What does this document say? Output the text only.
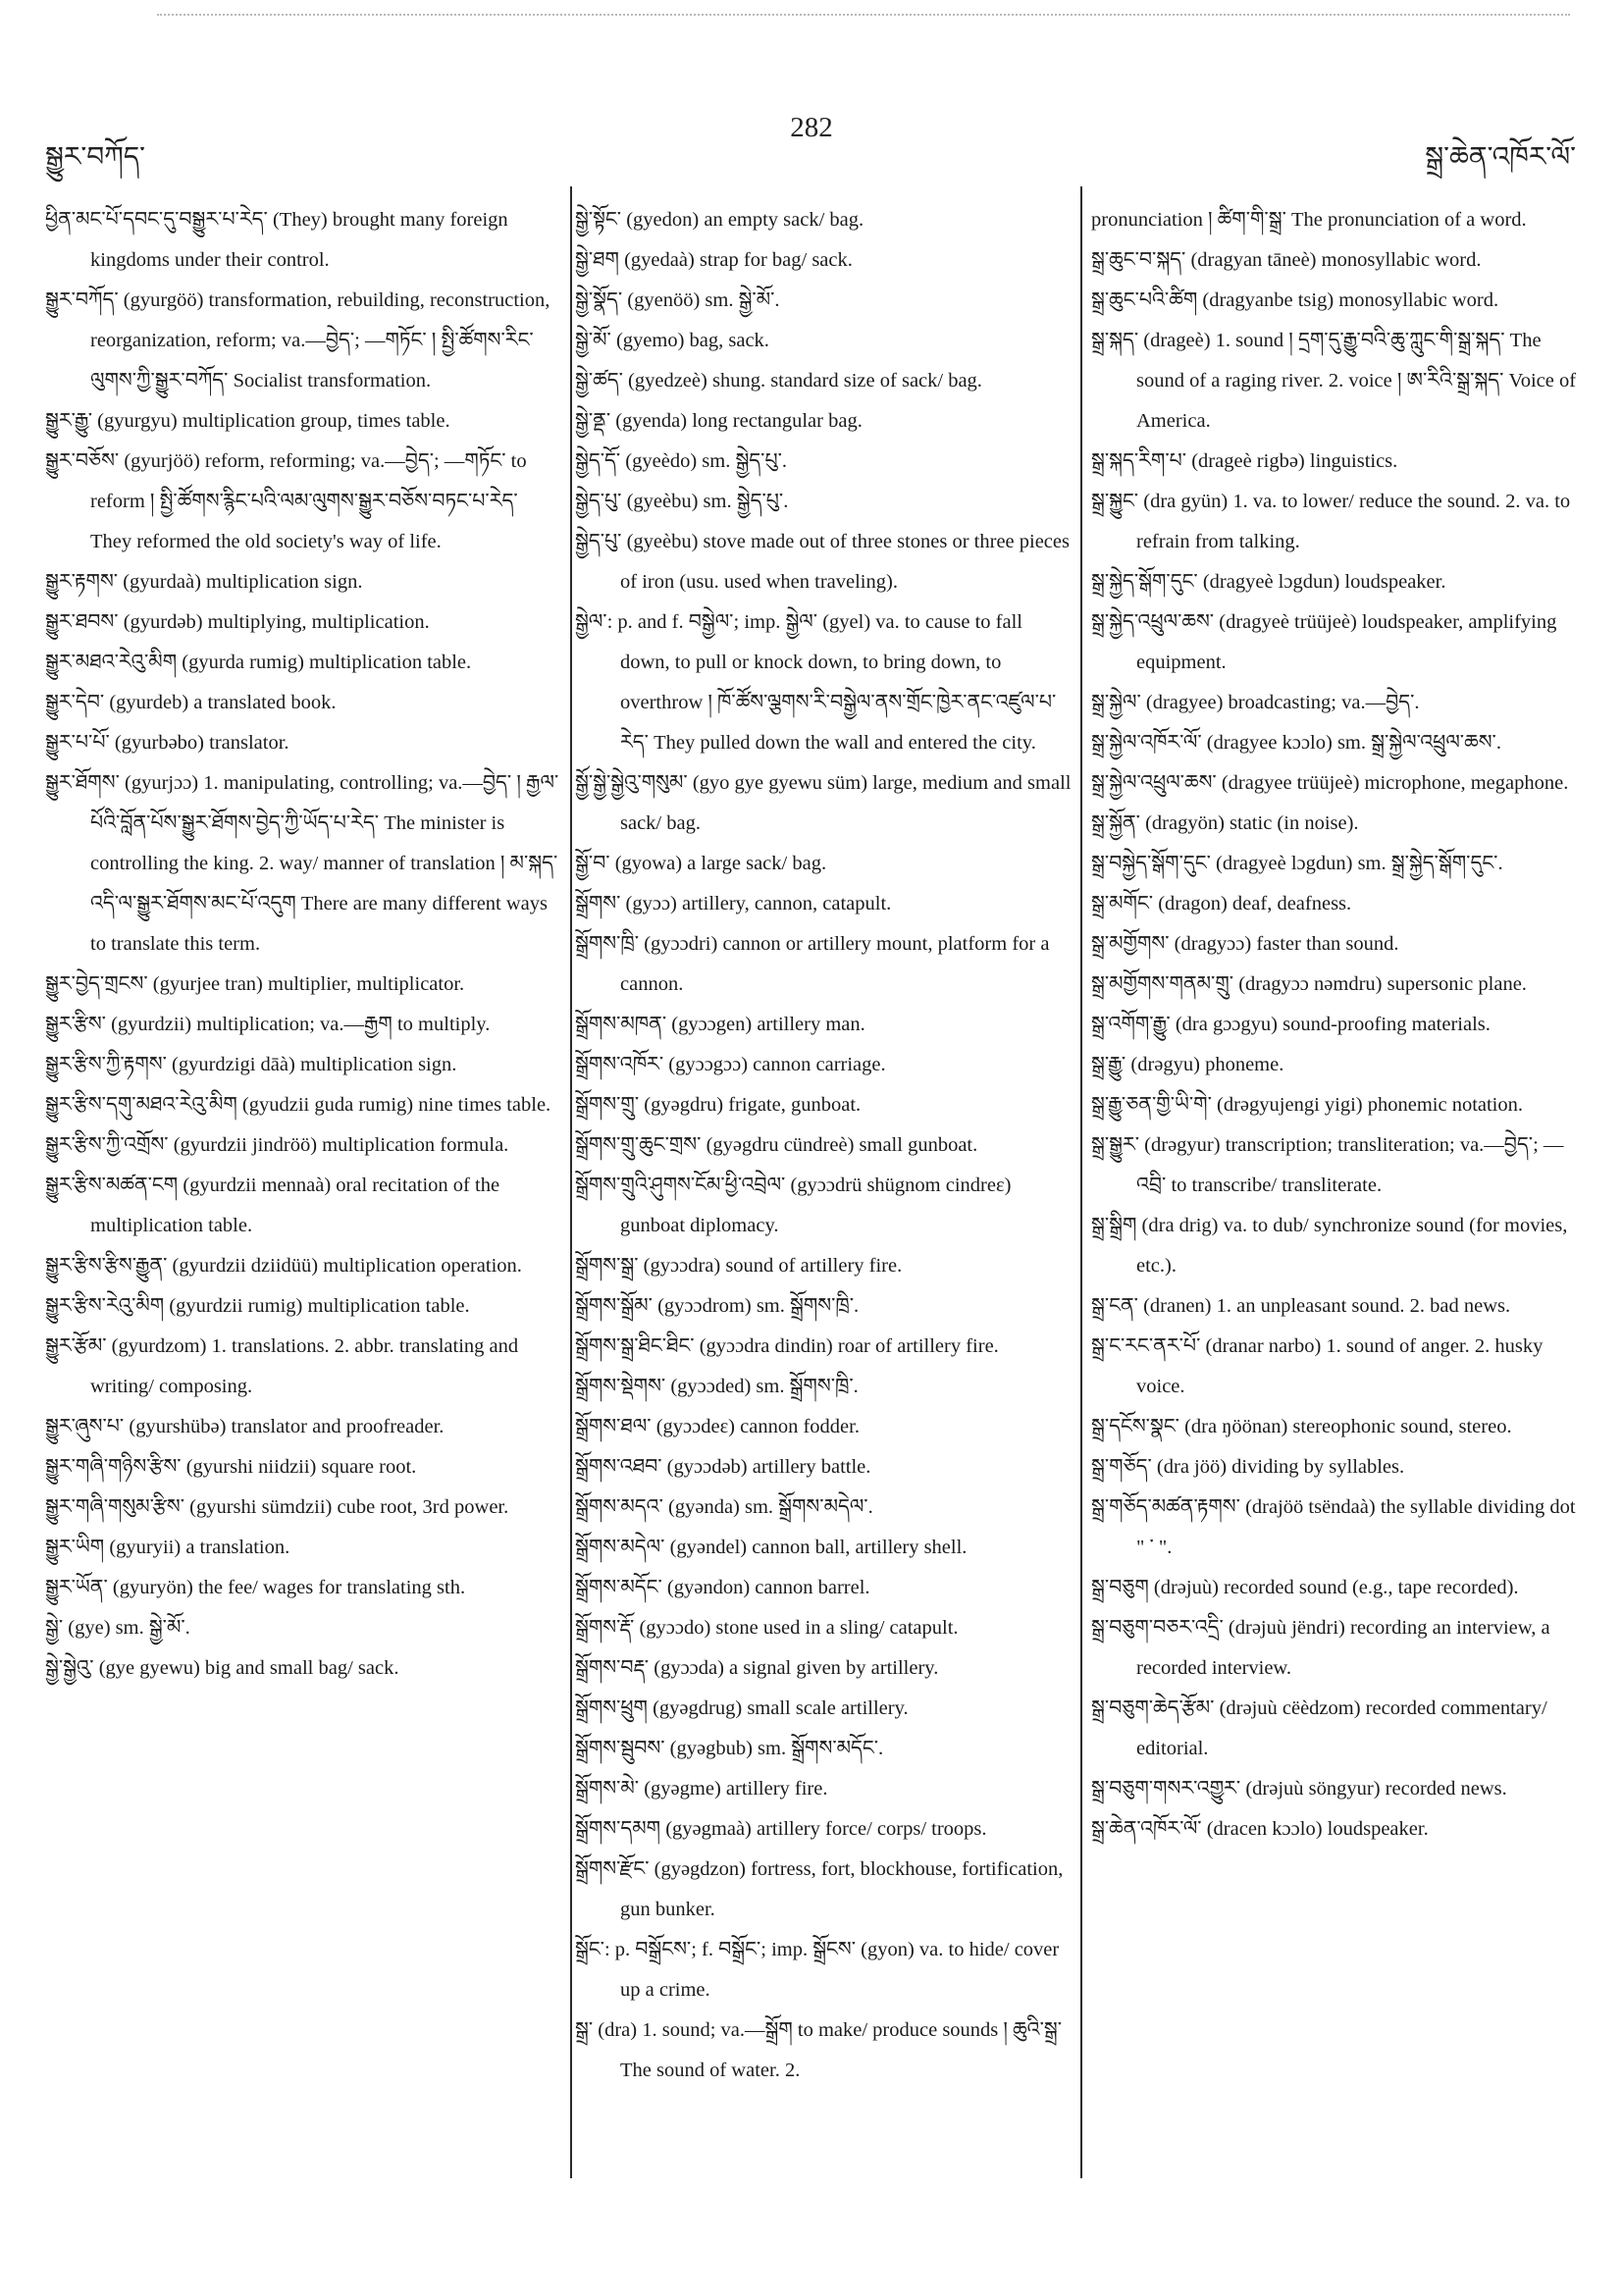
སྒྱུར་བཀོད་
282
སྒྲ་ཆེན་འཁོར་ལོ་

ཕྱིན་མང་པོ་དབང་དུ་བསྒྱུར་པ་རེད་ (They) brought many foreign kingdoms under their control.

སྒྱུར་བཀོད་ (gyurgöö) transformation, rebuilding, reconstruction, reorganization, reform; va.—བྱེད་; —གཏོང་ ། སྤྱི་ཚོགས་རིང་ལུགས་ཀྱི་སྒྱུར་བཀོད་ Socialist transformation.

སྒྱུར་རྒྱུ་ (gyurgyu) multiplication group, times table.

སྒྱུར་བཅོས་ (gyurjöö) reform, reforming; va.—བྱེད་; —གཏོང་ to reform ། སྤྱི་ཚོགས་རྙིང་པའི་ལམ་ལུགས་སྒྱུར་བཅོས་བཏང་པ་རེད་ They reformed the old society's way of life.

སྒྱུར་རྟགས་ (gyurdaà) multiplication sign.

སྒྱུར་ཐབས་ (gyurdəb) multiplying, multiplication.

སྒྱུར་མཐའ་རེའུ་མིག (gyurda rumig) multiplication table.

སྒྱུར་དེབ་ (gyurdeb) a translated book.

སྒྱུར་པ་པོ་ (gyurbəbo) translator.

སྒྱུར་ཐོགས་ (gyurjɔɔ) 1. manipulating, controlling; va.—བྱེད་ ། རྒྱལ་པོའི་བློན་པོས་སྒྱུར་ཐོགས་བྱེད་ཀྱི་ཡོད་པ་རེད་ The minister is controlling the king. 2. way/ manner of translation ། མ་སྐད་འདི་ལ་སྒྱུར་ཐོགས་མང་པོ་འདུག There are many different ways to translate this term.

སྒྱུར་བྱེད་གྲངས་ (gyurjee tran) multiplier, multiplicator.

སྒྱུར་རྩིས་ (gyurdzii) multiplication; va.—རྒྱག to multiply.

སྒྱུར་རྩིས་ཀྱི་རྟགས་ (gyurdzigi dāà) multiplication sign.

སྒྱུར་རྩིས་དགུ་མཐའ་རེའུ་མིག (gyudzii guda rumig) nine times table.

སྒྱུར་རྩིས་ཀྱི་འགྲོས་ (gyurdzii jindröö) multiplication formula.

སྒྱུར་རྩིས་མཚན་ངག (gyurdzii mennaà) oral recitation of the multiplication table.

སྒྱུར་རྩིས་རྩིས་རྒྱུན་ (gyurdzii dziidüü) multiplication operation.

སྒྱུར་རྩིས་རེའུ་མིག (gyurdzii rumig) multiplication table.

སྒྱུར་རྩོམ་ (gyurdzom) 1. translations. 2. abbr. translating and writing/ composing.

སྒྱུར་ཞུས་པ་ (gyurshübə) translator and proofreader.

སྒྱུར་གཞི་གཉིས་རྩིས་ (gyurshi niidzii) square root.

སྒྱུར་གཞི་གསུམ་རྩིས་ (gyurshi sümdzii) cube root, 3rd power.

སྒྱུར་ཡིག (gyuryii) a translation.

སྒྱུར་ཡོན་ (gyuryön) the fee/ wages for translating sth.

སྒྱེ་ (gye) sm. སྒྱེ་མོ་.

སྒྱེ་སྒྱེའུ་ (gye gyewu) big and small bag/ sack.

སྒྱེ་སྟོང་ (gyedon) an empty sack/ bag.

སྒྱེ་ཐག (gyedaà) strap for bag/ sack.

སྒྱེ་སྣོད་ (gyenöö) sm. སྒྱེ་མོ་.

སྒྱེ་མོ་ (gyemo) bag, sack.

སྒྱེ་ཚད་ (gyedzeè) shung. standard size of sack/ bag.

སྒྱེ་ནྡ་ (gyenda) long rectangular bag.

སྒྱེད་དོ་ (gyeèdo) sm. སྒྱེད་པུ་.

སྒྱེད་པུ་ (gyeèbu) sm. སྒྱེད་པུ་.

སྒྱེད་པུ་ (gyeèbu) stove made out of three stones or three pieces of iron (usu. used when traveling).

སྒྱེལ་: p. and f. བསྒྱེལ་; imp. སྒྱེལ་ (gyel) va. to cause to fall down, to pull or knock down, to bring down, to overthrow ། ཁོ་ཚོས་ལྕགས་རི་བསྒྱེལ་ནས་གྲོང་ཁྱེར་ནང་འཛུལ་པ་རེད་ They pulled down the wall and entered the city.

སྒྱོ་སྒྱེ་སྒྱེའུ་གསུམ་ (gyo gye gyewu süm) large, medium and small sack/ bag.

སྒྱོ་བ་ (gyowa) a large sack/ bag.

སྒྲོགས་ (gyɔɔ) artillery, cannon, catapult.

སྒྲོགས་ཁྲི་ (gyɔɔdri) cannon or artillery mount, platform for a cannon.

སྒྲོགས་མཁན་ (gyɔɔgen) artillery man.

སྒྲོགས་འཁོར་ (gyɔɔgɔɔ) cannon carriage.

སྒྲོགས་གྲུ་ (gyəgdru) frigate, gunboat.

སྒྲོགས་གྲུ་ཆུང་གྲས་ (gyəgdru cündreè) small gunboat.

སྒྲོགས་གྲུའི་ཤུགས་ངོམ་ཕྱི་འབྲེལ་ (gyɔɔdrü shügnom cindreɛ) gunboat diplomacy.

སྒྲོགས་སྒྲ་ (gyɔɔdra) sound of artillery fire.

སྒྲོགས་སྒྲོམ་ (gyɔɔdrom) sm. སྒྲོགས་ཁྲི་.

སྒྲོགས་སྒྲ་ཐིང་ཐིང་ (gyɔɔdra dindin) roar of artillery fire.

སྒྲོགས་སྡེགས་ (gyɔɔded) sm. སྒྲོགས་ཁྲི་.

སྒྲོགས་ཐལ་ (gyɔɔdeɛ) cannon fodder.

སྒྲོགས་འཐབ་ (gyɔɔdəb) artillery battle.

སྒྲོགས་མདའ་ (gyənda) sm. སྒྲོགས་མདེལ་.

སྒྲོགས་མདེལ་ (gyəndel) cannon ball, artillery shell.

སྒྲོགས་མདོང་ (gyəndon) cannon barrel.

སྒྲོགས་རྡོ་ (gyɔɔdo) stone used in a sling/ catapult.

སྒྲོགས་བརྡ་ (gyɔɔda) a signal given by artillery.

སྒྲོགས་ཕྲུག (gyəgdrug) small scale artillery.

སྒྲོགས་སྦུབས་ (gyəgbub) sm. སྒྲོགས་མདོང་.

སྒྲོགས་མེ་ (gyəgme) artillery fire.

སྒྲོགས་དམག (gyəgmaà) artillery force/ corps/ troops.

སྒྲོགས་རྫོང་ (gyəgdzon) fortress, fort, blockhouse, fortification, gun bunker.

སྒྲོང་: p. བསྒྲོངས་; f. བསྒྲོང་; imp. སྒྲོངས་ (gyon) va. to hide/ cover up a crime.

སྒྲ་ (dra) 1. sound; va.—སྒྲོག to make/ produce sounds ། ཆུའི་སྒྲ་ The sound of water. 2.

pronunciation ། ཚིག་གི་སྒྲ་ The pronunciation of a word.

སྒྲ་ཆུང་བ་སྐད་ (dragyan tāneè) monosyllabic word.

སྒྲ་ཆུང་པའི་ཚིག (dragyanbe tsig) monosyllabic word.

སྒྲ་སྐད་ (drageè) 1. sound ། དྲག་དུ་རྒྱུ་བའི་ཆུ་ཀླུང་གི་སྒྲ་སྐད་ The sound of a raging river. 2. voice ། ཨ་རིའི་སྒྲ་སྐད་ Voice of America.

སྒྲ་སྐད་རིག་པ་ (drageè rigbə) linguistics.

སྒྲ་སྐྱུང་ (dra gyün) 1. va. to lower/ reduce the sound. 2. va. to refrain from talking.

སྒྲ་སྐྱེད་སྒོག་དུང་ (dragyeè lɔgdun) loudspeaker.

སྒྲ་སྐྱེད་འཕྲུལ་ཆས་ (dragyeè trüüjeè) loudspeaker, amplifying equipment.

སྒྲ་སྐྱེལ་ (dragyee) broadcasting; va.—བྱེད་.

སྒྲ་སྐྱེལ་འཁོར་ལོ་ (dragyee kɔɔlo) sm. སྒྲ་སྐྱེལ་འཕྲུལ་ཆས་.

སྒྲ་སྐྱེལ་འཕྲུལ་ཆས་ (dragyee trüüjeè) microphone, megaphone.

སྒྲ་སྐྱོན་ (dragyön) static (in noise).

སྒྲ་བསྐྱེད་སྒོག་དུང་ (dragyeè lɔgdun) sm. སྒྲ་སྐྱེད་སྒོག་དུང་.

སྒྲ་མགོང་ (dragon) deaf, deafness.

སྒྲ་མགྱོགས་ (dragyɔɔ) faster than sound.

སྒྲ་མགྱོགས་གནམ་གྲུ་ (dragyɔɔ nəmdru) supersonic plane.

སྒྲ་འགོག་རྒྱུ་ (dra gɔɔgyu) sound-proofing materials.

སྒྲ་རྒྱུ་ (drəgyu) phoneme.

སྒྲ་རྒྱུ་ཅན་གྱི་ཡི་གེ་ (drəgyujengi yigi) phonemic notation.

སྒྲ་སྒྱུར་ (drəgyur) transcription; transliteration; va.—བྱེད་; —འབྲི་ to transcribe/ transliterate.

སྒྲ་སྒྲིག (dra drig) va. to dub/ synchronize sound (for movies, etc.).

སྒྲ་ངན་ (dranen) 1. an unpleasant sound. 2. bad news.

སྒྲ་ང་རང་ནར་པོ་ (dranar narbo) 1. sound of anger. 2. husky voice.

སྒྲ་དངོས་སྣང་ (dra ŋöönan) stereophonic sound, stereo.

སྒྲ་གཅོད་ (dra jöö) dividing by syllables.

སྒྲ་གཅོད་མཚན་རྟགས་ (drajöö tsëndaà) the syllable dividing dot " ་ ".

སྒྲ་བཅུག (drəjuù) recorded sound (e.g., tape recorded).

སྒྲ་བཅུག་བཅར་འདྲི་ (drəjuù jëndri) recording an interview, a recorded interview.

སྒྲ་བཅུག་ཆེད་རྩོམ་ (drəjuù cëèdzom) recorded commentary/ editorial.

སྒྲ་བཅུག་གསར་འགྱུར་ (drəjuù söngyur) recorded news.

སྒྲ་ཆེན་འཁོར་ལོ་ (dracen kɔɔlo) loudspeaker.
